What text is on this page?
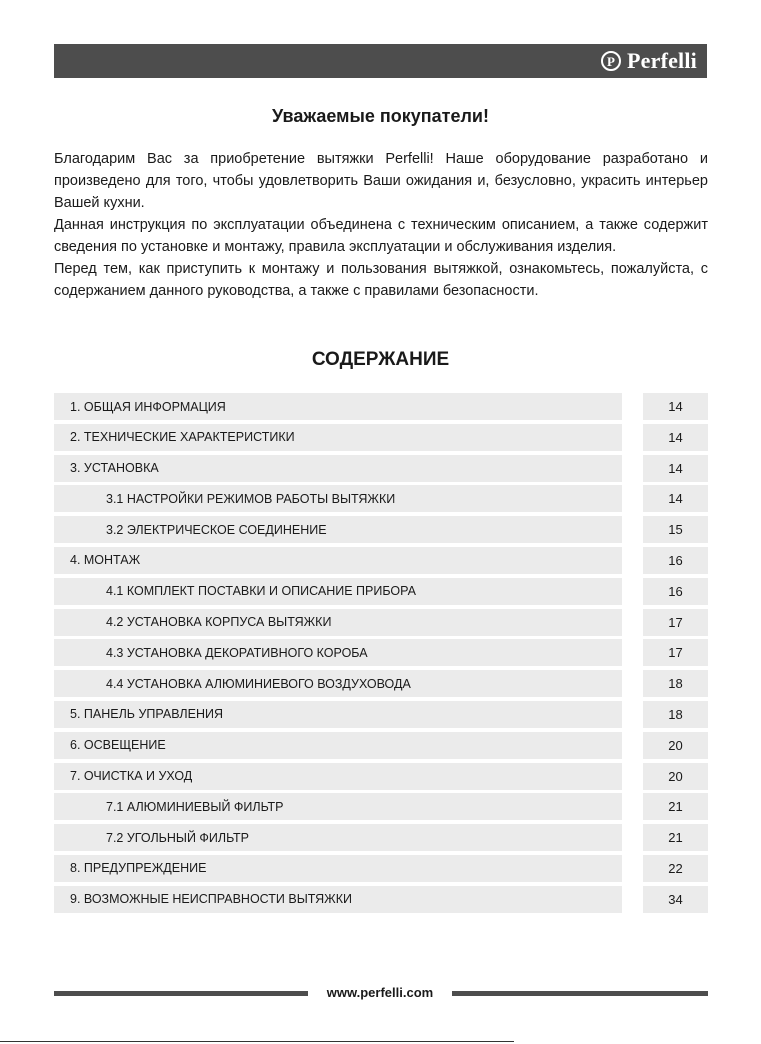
P Perfelli
Уважаемые покупатели!

Благодарим Вас за приобретение вытяжки Perfelli! Наше оборудование разработано и произведено для того, чтобы удовлетворить Ваши ожидания и, безусловно, украсить интерьер Вашей кухни.

Данная инструкция по эксплуатации объединена с техническим описанием, а также содержит сведения по установке и монтажу, правила эксплуатации и обслуживания изделия.

Перед тем, как приступить к монтажу и пользования вытяжкой, ознакомьтесь, пожалуйста, с содержанием данного руководства, а также с правилами безопасности.

СОДЕРЖАНИЕ
1. ОБЩАЯ ИНФОРМАЦИЯ	14
2. ТЕХНИЧЕСКИЕ ХАРАКТЕРИСТИКИ	14
3. УСТАНОВКА	14
3.1 НАСТРОЙКИ РЕЖИМОВ РАБОТЫ ВЫТЯЖКИ	14
3.2 ЭЛЕКТРИЧЕСКОЕ СОЕДИНЕНИЕ	15
4. МОНТАЖ	16
4.1 КОМПЛЕКТ ПОСТАВКИ И ОПИСАНИЕ ПРИБОРА	16
4.2 УСТАНОВКА КОРПУСА ВЫТЯЖКИ	17
4.3 УСТАНОВКА ДЕКОРАТИВНОГО КОРОБА	17
4.4 УСТАНОВКА АЛЮМИНИЕВОГО ВОЗДУХОВОДА	18
5. ПАНЕЛЬ УПРАВЛЕНИЯ	18
6. ОСВЕЩЕНИЕ	20
7. ОЧИСТКА И УХОД	20
7.1 АЛЮМИНИЕВЫЙ ФИЛЬТР	21
7.2 УГОЛЬНЫЙ ФИЛЬТР	21
8. ПРЕДУПРЕЖДЕНИЕ	22
9. ВОЗМОЖНЫЕ НЕИСПРАВНОСТИ ВЫТЯЖКИ	34
www.perfelli.com
